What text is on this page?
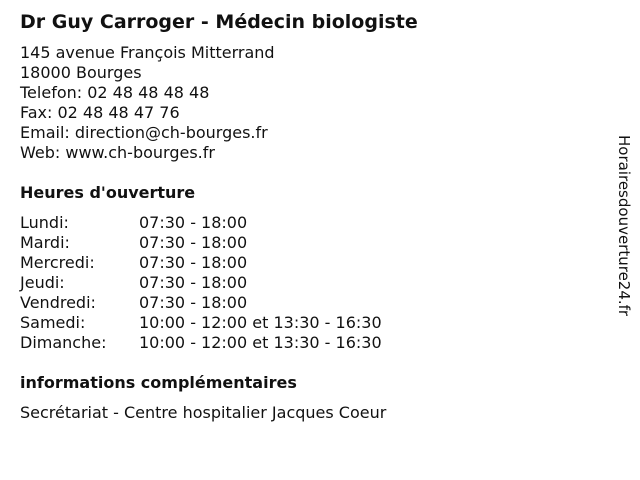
Dr Guy Carroger - Médecin biologiste
145 avenue François Mitterrand
18000 Bourges
Telefon: 02 48 48 48 48
Fax: 02 48 48 47 76
Email: direction@ch-bourges.fr
Web: www.ch-bourges.fr
Heures d'ouverture
Lundi:	07:30 - 18:00
Mardi:	07:30 - 18:00
Mercredi:	07:30 - 18:00
Jeudi:	07:30 - 18:00
Vendredi:	07:30 - 18:00
Samedi:	10:00 - 12:00 et 13:30 - 16:30
Dimanche:	10:00 - 12:00 et 13:30 - 16:30
informations complémentaires
Secrétariat - Centre hospitalier Jacques Coeur
Horairesdouverture24.fr
